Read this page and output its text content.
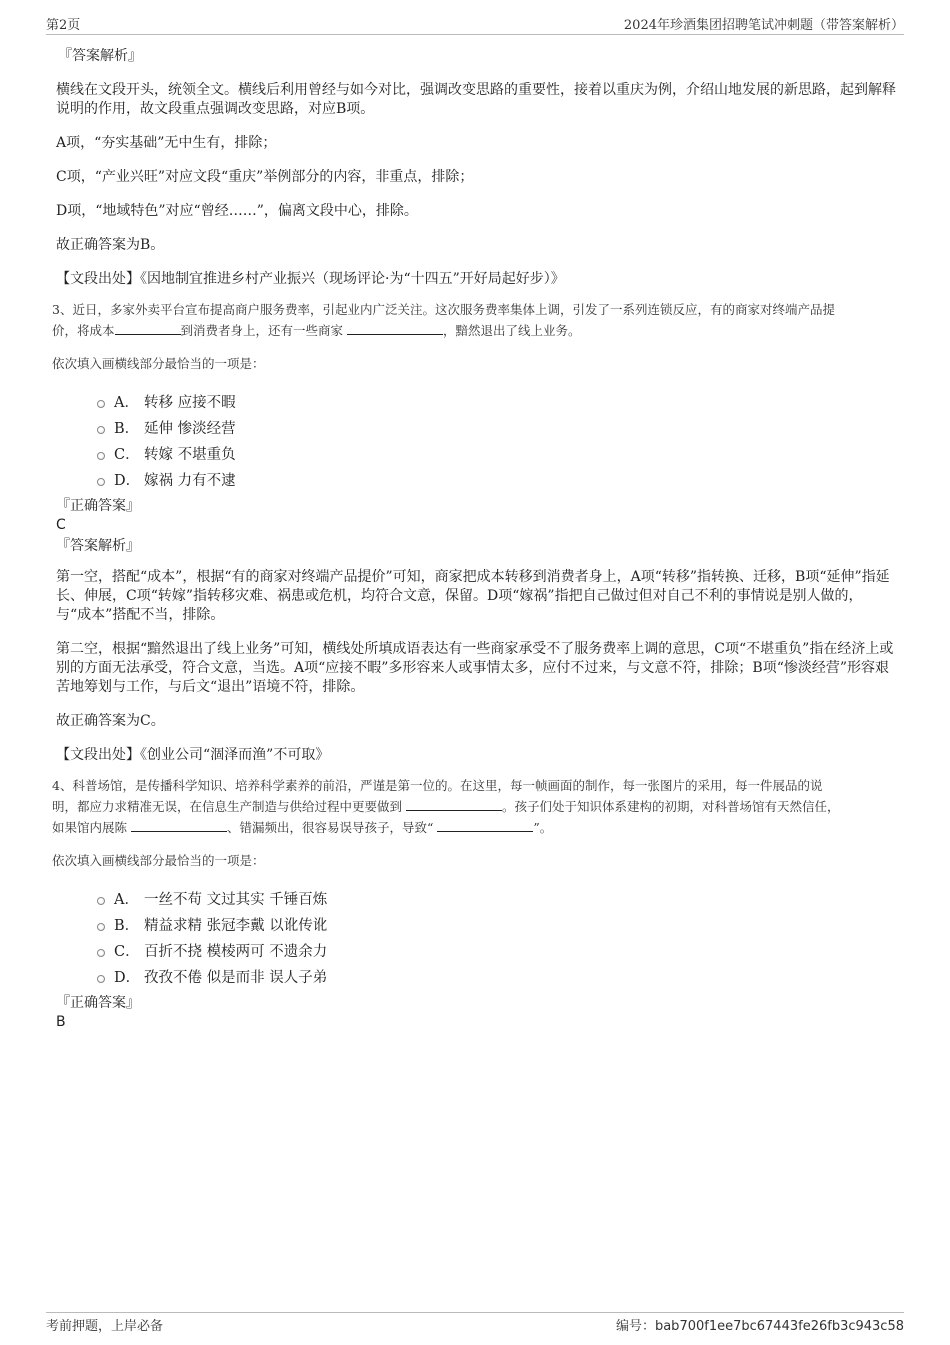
第2页	2024年珍酒集团招聘笔试冲刺题（带答案解析）
『答案解析』

横线在文段开头，统领全文。横线后利用曾经与如今对比，强调改变思路的重要性，接着以重庆为例，介绍山地发展的新思路，起到解释说明的作用，故文段重点强调改变思路，对应B项。

A项，“夯实基础”无中生有，排除；

C项，“产业兴旺”对应文段“重庆”举例部分的内容，非重点，排除；

D项，“地域特色”对应“曾经……”，偏离文段中心，排除。

故正确答案为B。

【文段出处】《因地制宜推进乡村产业振兴（现场评论·为“十四五”开好局起好步）》

3、近日，多家外卖平台宣布提高商户服务费率，引起业内广泛关注。这次服务费率集体上调，引发了一系列连锁反应，有的商家对终端产品提

价，将成本	到消费者身上，还有一些商家	，黯然退出了线上业务。

依次填入画横线部分最恰当的一项是：

A． 转移 应接不暇
B． 延伸 惨淡经营
C． 转嫁 不堪重负
D． 嫁祸 力有不逮
『正确答案』

C

『答案解析』

第一空，搭配“成本”，根据“有的商家对终端产品提价”可知，商家把成本转移到消费者身上，A项“转移”指转换、迁移，B项“延伸”指延长、伸展，C项“转嫁”指转移灾难、祸患或危机，均符合文意，保留。D项“嫁祸”指把自己做过但对自己不利的事情说是别人做的，与“成本”搭配不当，排除。

第二空，根据“黯然退出了线上业务”可知，横线处所填成语表达有一些商家承受不了服务费率上调的意思，C项“不堪重负”指在经济上或别的方面无法承受，符合文意，当选。A项“应接不暇”多形容来人或事情太多，应付不过来，与文意不符，排除；B项“惨淡经营”形容艰苦地筹划与工作，与后文“退出”语境不符，排除。

故正确答案为C。

【文段出处】《创业公司“涸泽而渔”不可取》

4、科普场馆，是传播科学知识、培养科学素养的前沿，严谨是第一位的。在这里，每一帧画面的制作，每一张图片的采用，每一件展品的说

明，都应力求精准无误，在信息生产制造与供给过程中更要做到	。孩子们处于知识体系建构的初期，对科普场馆有天然信任，

如果馆内展陈	、错漏频出，很容易误导孩子，导致“	”。

依次填入画横线部分最恰当的一项是：

A． 一丝不苟 文过其实 千锤百炼
B． 精益求精 张冠李戴 以讹传讹
C． 百折不挠 模棱两可 不遗余力
D． 孜孜不倦 似是而非 误人子弟
『正确答案』

B

考前押题，上岸必备	编号：bab700f1ee7bc67443fe26fb3c943c58
